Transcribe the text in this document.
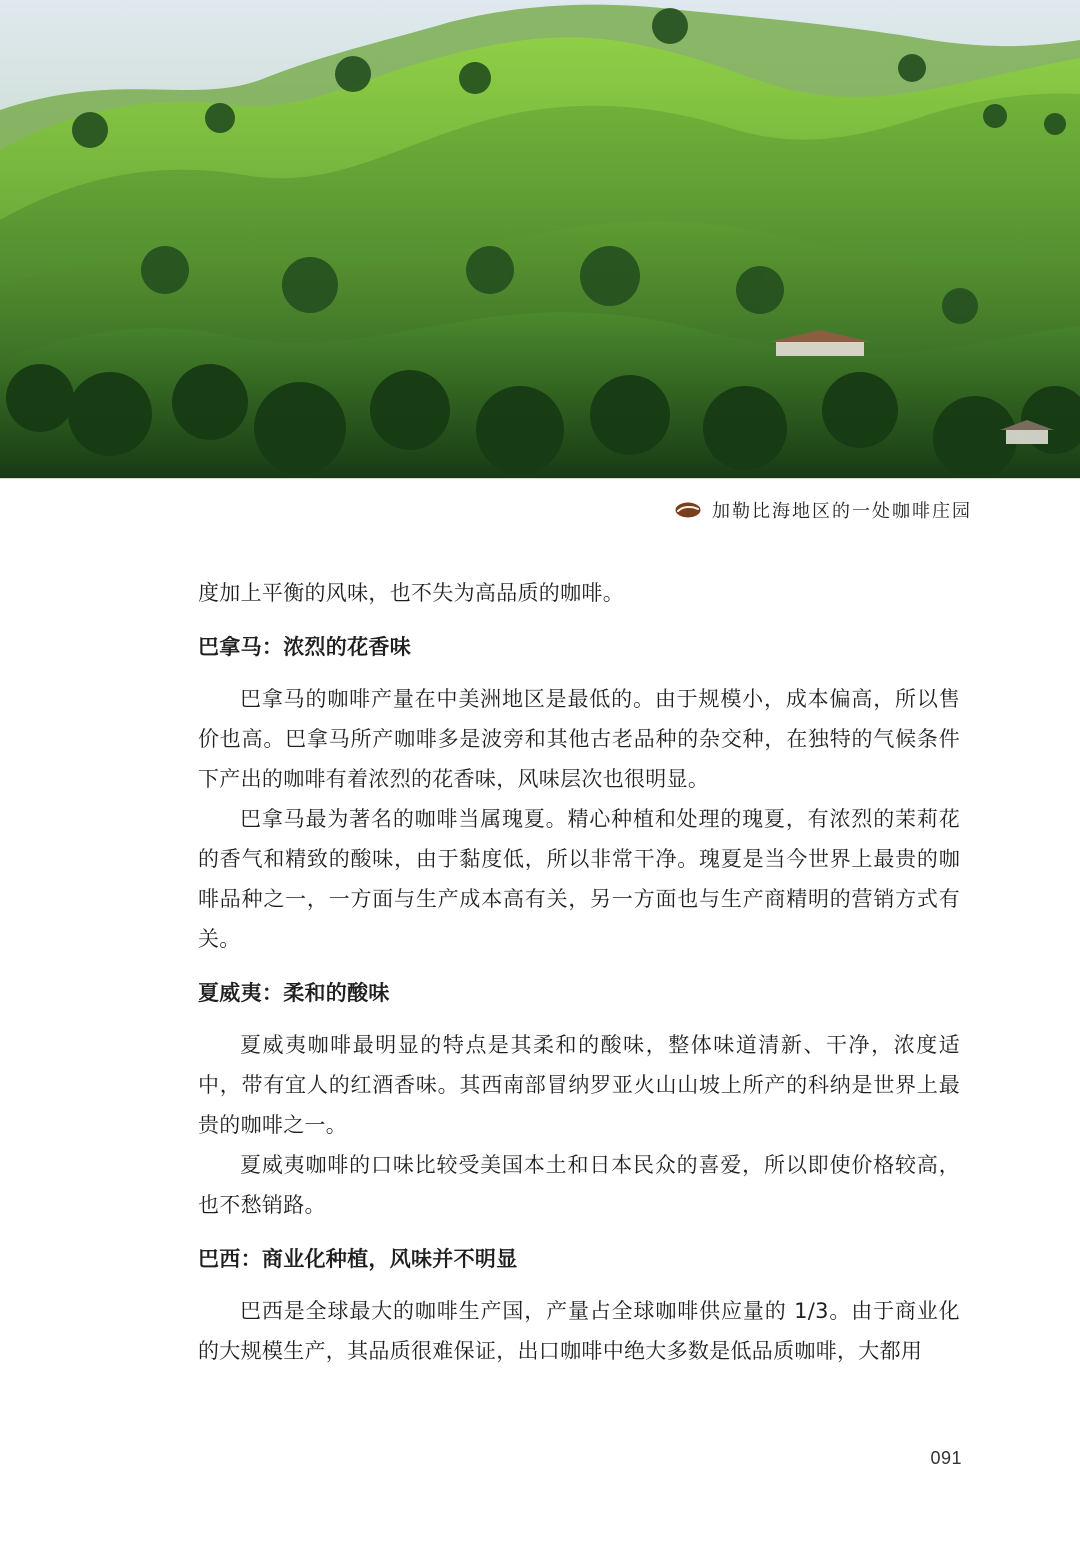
加勒比海地区的一处咖啡庄园

度加上平衡的风味，也不失为高品质的咖啡。

巴拿马：浓烈的花香味

巴拿马的咖啡产量在中美洲地区是最低的。由于规模小，成本偏高，所以售价也高。巴拿马所产咖啡多是波旁和其他古老品种的杂交种，在独特的气候条件下产出的咖啡有着浓烈的花香味，风味层次也很明显。

巴拿马最为著名的咖啡当属瑰夏。精心种植和处理的瑰夏，有浓烈的茉莉花的香气和精致的酸味，由于黏度低，所以非常干净。瑰夏是当今世界上最贵的咖啡品种之一，一方面与生产成本高有关，另一方面也与生产商精明的营销方式有关。

夏威夷：柔和的酸味

夏威夷咖啡最明显的特点是其柔和的酸味，整体味道清新、干净，浓度适中，带有宜人的红酒香味。其西南部冒纳罗亚火山山坡上所产的科纳是世界上最贵的咖啡之一。

夏威夷咖啡的口味比较受美国本土和日本民众的喜爱，所以即使价格较高，也不愁销路。

巴西：商业化种植，风味并不明显

巴西是全球最大的咖啡生产国，产量占全球咖啡供应量的 1/3。由于商业化的大规模生产，其品质很难保证，出口咖啡中绝大多数是低品质咖啡，大都用

091
